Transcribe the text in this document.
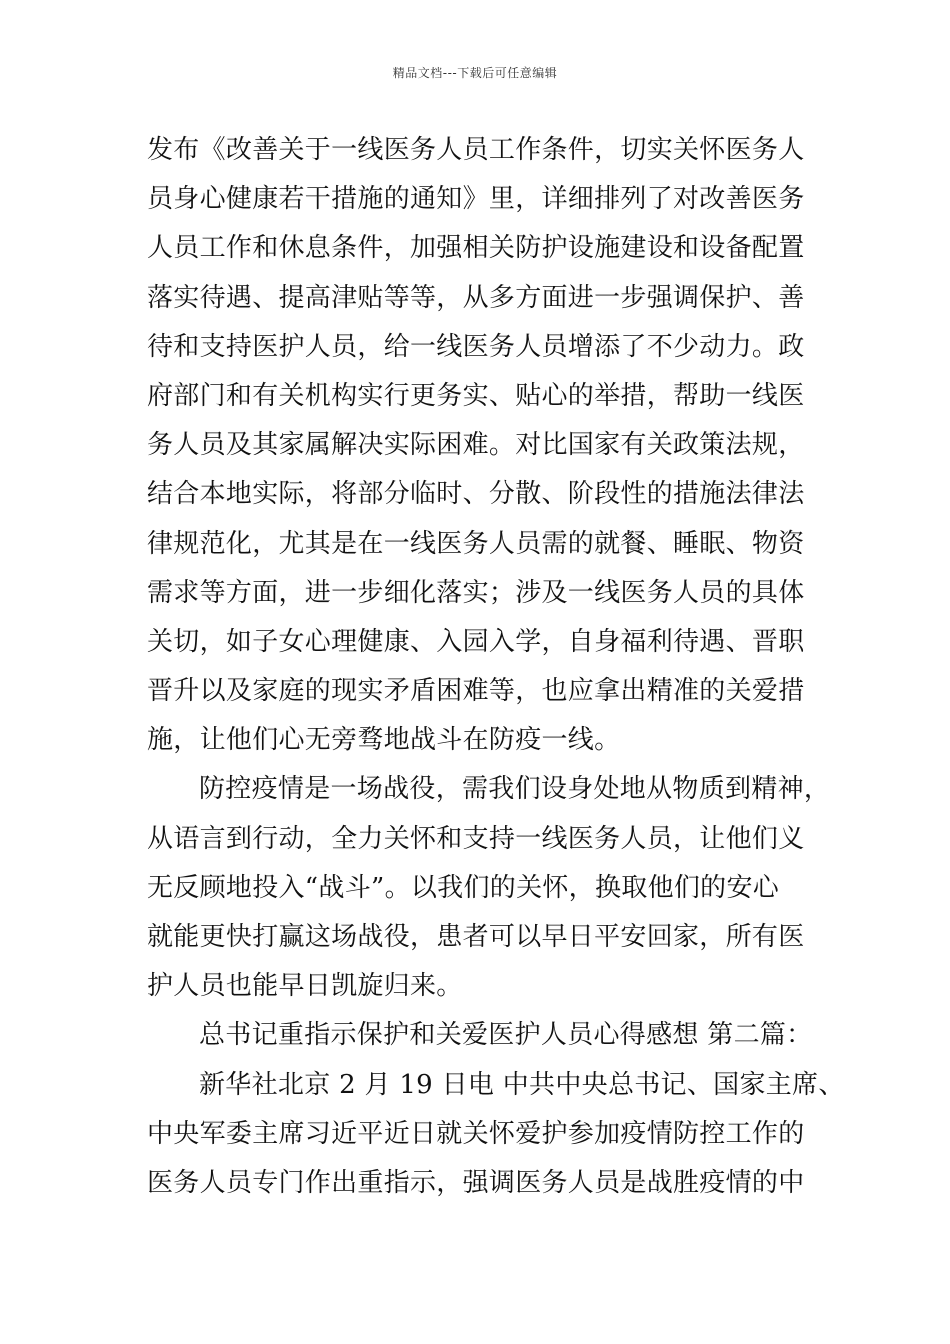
精品文档---下载后可任意编辑
发布《改善关于一线医务人员工作条件，切实关怀医务人
员身心健康若干措施的通知》里，详细排列了对改善医务
人员工作和休息条件，加强相关防护设施建设和设备配置
落实待遇、提高津贴等等，从多方面进一步强调保护、善
待和支持医护人员，给一线医务人员增添了不少动力。政
府部门和有关机构实行更务实、贴心的举措，帮助一线医
务人员及其家属解决实际困难。对比国家有关政策法规，
结合本地实际，将部分临时、分散、阶段性的措施法律法
律规范化，尤其是在一线医务人员需的就餐、睡眠、物资
需求等方面，进一步细化落实；涉及一线医务人员的具体
关切，如子女心理健康、入园入学，自身福利待遇、晋职
晋升以及家庭的现实矛盾困难等，也应拿出精准的关爱措
施，让他们心无旁骛地战斗在防疫一线。
防控疫情是一场战役，需我们设身处地从物质到精神，
从语言到行动，全力关怀和支持一线医务人员，让他们义
无反顾地投入“战斗”。以我们的关怀，换取他们的安心
就能更快打赢这场战役，患者可以早日平安回家，所有医
护人员也能早日凯旋归来。
总书记重指示保护和关爱医护人员心得感想 第二篇：
新华社北京 2 月 19 日电 中共中央总书记、国家主席、
中央军委主席习近平近日就关怀爱护参加疫情防控工作的
医务人员专门作出重指示，强调医务人员是战胜疫情的中
